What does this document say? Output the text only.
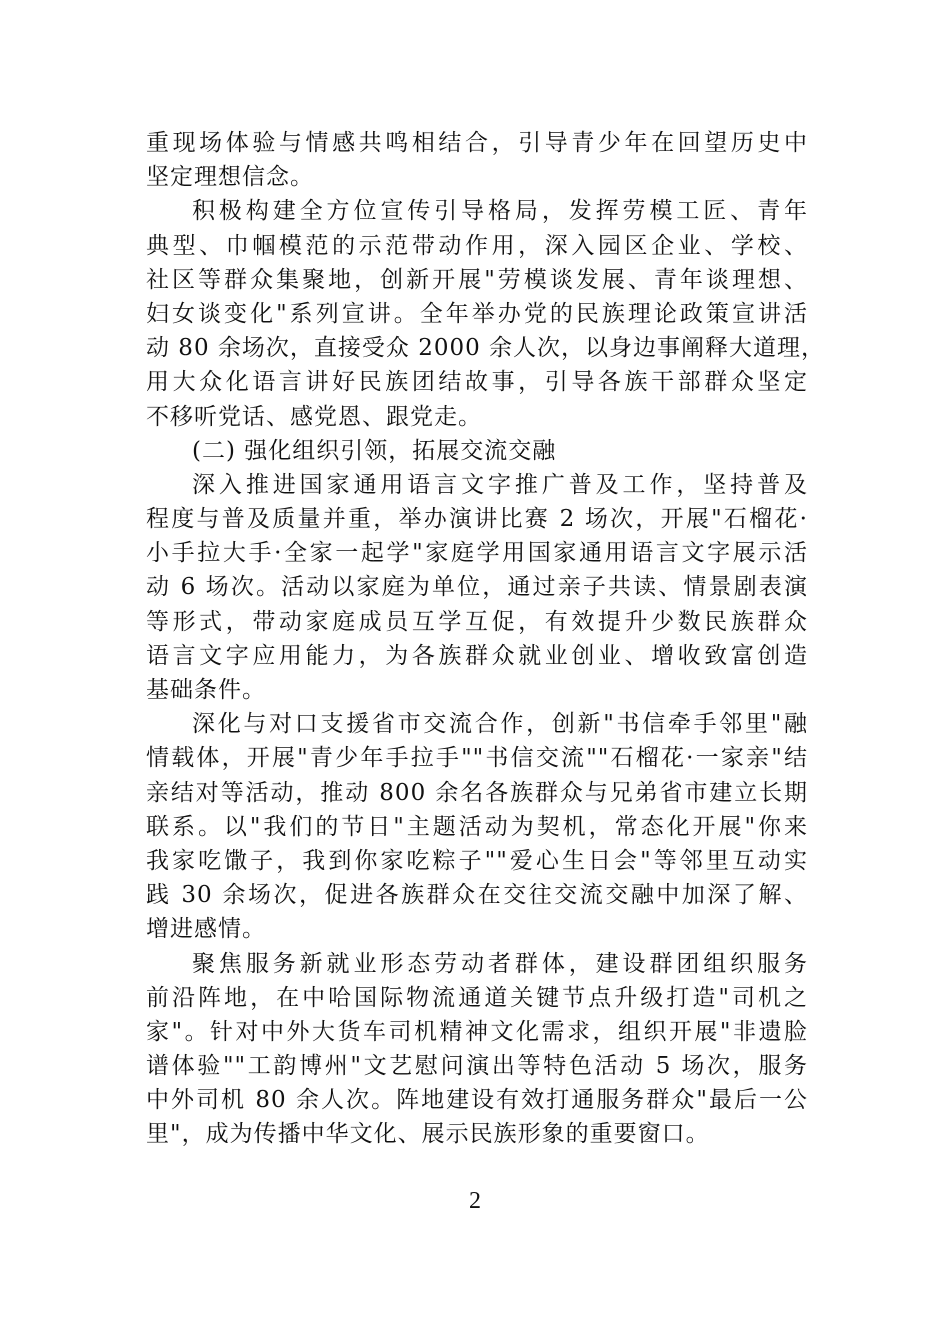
重现场体验与情感共鸣相结合，引导青少年在回望历史中
坚定理想信念。
积极构建全方位宣传引导格局，发挥劳模工匠、青年
典型、巾帼模范的示范带动作用，深入园区企业、学校、
社区等群众集聚地，创新开展"劳模谈发展、青年谈理想、
妇女谈变化"系列宣讲。全年举办党的民族理论政策宣讲活
动 80 余场次，直接受众 2000 余人次，以身边事阐释大道理，
用大众化语言讲好民族团结故事，引导各族干部群众坚定
不移听党话、感党恩、跟党走。
(二) 强化组织引领，拓展交流交融
深入推进国家通用语言文字推广普及工作，坚持普及
程度与普及质量并重，举办演讲比赛 2 场次，开展"石榴花·
小手拉大手·全家一起学"家庭学用国家通用语言文字展示活
动 6 场次。活动以家庭为单位，通过亲子共读、情景剧表演
等形式，带动家庭成员互学互促，有效提升少数民族群众
语言文字应用能力，为各族群众就业创业、增收致富创造
基础条件。
深化与对口支援省市交流合作，创新"书信牵手邻里"融
情载体，开展"青少年手拉手""书信交流""石榴花·一家亲"结
亲结对等活动，推动 800 余名各族群众与兄弟省市建立长期
联系。以"我们的节日"主题活动为契机，常态化开展"你来
我家吃馓子，我到你家吃粽子""爱心生日会"等邻里互动实
践 30 余场次，促进各族群众在交往交流交融中加深了解、
增进感情。
聚焦服务新就业形态劳动者群体，建设群团组织服务
前沿阵地，在中哈国际物流通道关键节点升级打造"司机之
家"。针对中外大货车司机精神文化需求，组织开展"非遗脸
谱体验""工韵博州"文艺慰问演出等特色活动 5 场次，服务
中外司机 80 余人次。阵地建设有效打通服务群众"最后一公
里"，成为传播中华文化、展示民族形象的重要窗口。
2
